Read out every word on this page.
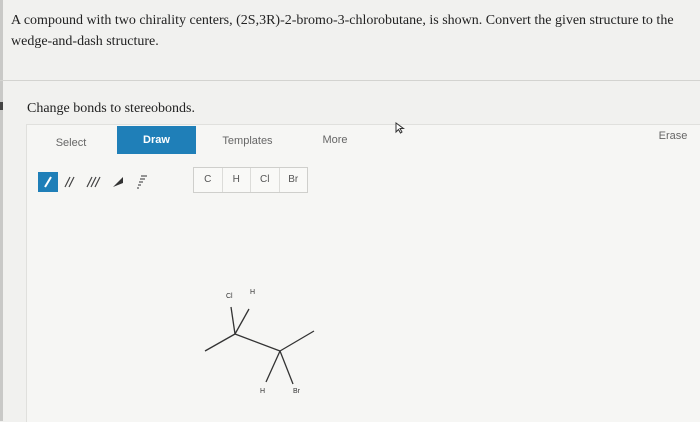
A compound with two chirality centers, (2S,3R)-2-bromo-3-chlorobutane, is shown. Convert the given structure to the wedge-and-dash structure.
Change bonds to stereobonds.
Select	Draw	Templates	More	Erase
C	H	Cl	Br
Cl
H
H	Br
